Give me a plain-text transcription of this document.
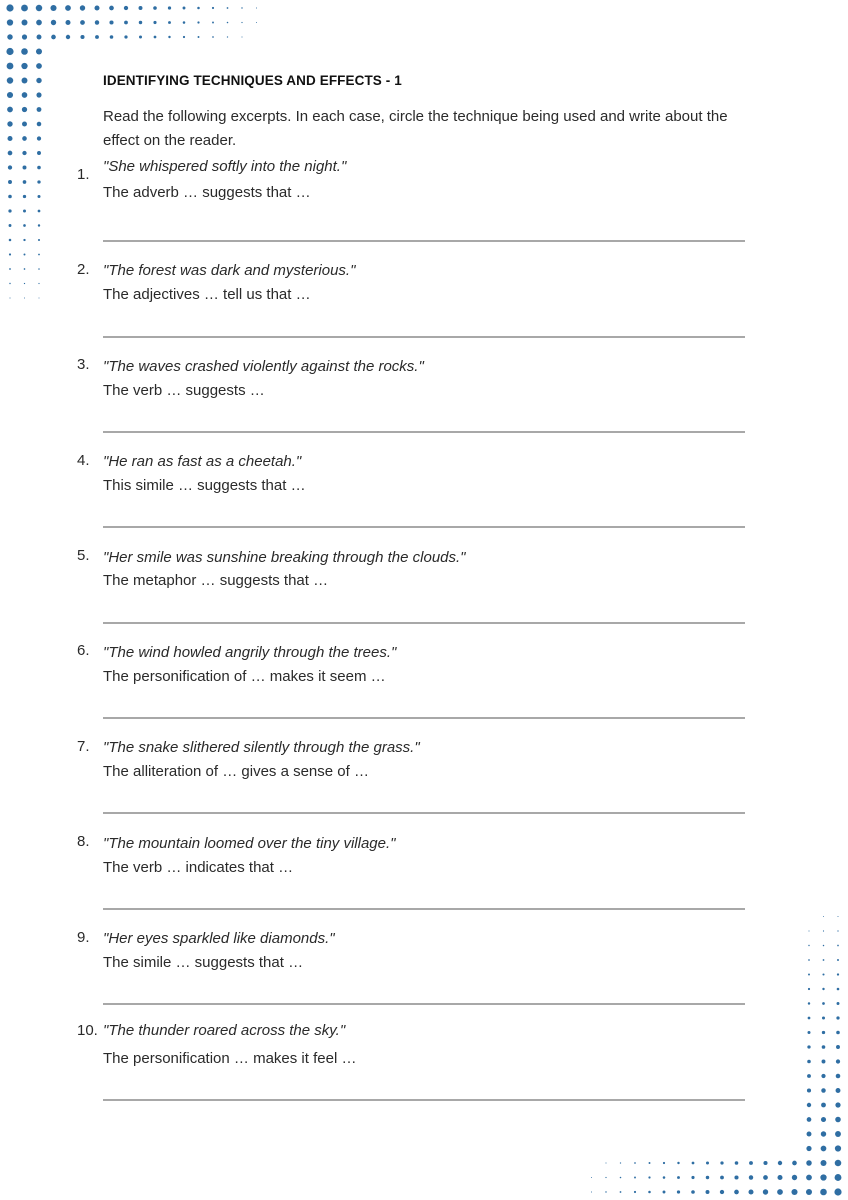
IDENTIFYING TECHNIQUES AND EFFECTS - 1
Read the following excerpts. In each case, circle the technique being used and write about the effect on the reader.
1. "She whispered softly into the night."
The adverb … suggests that …
2. "The forest was dark and mysterious."
The adjectives … tell us that …
3. "The waves crashed violently against the rocks."
The verb … suggests …
4. "He ran as fast as a cheetah."
This simile … suggests that …
5. "Her smile was sunshine breaking through the clouds."
The metaphor … suggests that …
6. "The wind howled angrily through the trees."
The personification of … makes it seem …
7. "The snake slithered silently through the grass."
The alliteration of … gives a sense of …
8. "The mountain loomed over the tiny village."
The verb … indicates that …
9. "Her eyes sparkled like diamonds."
The simile … suggests that …
10. "The thunder roared across the sky."
The personification … makes it feel …
